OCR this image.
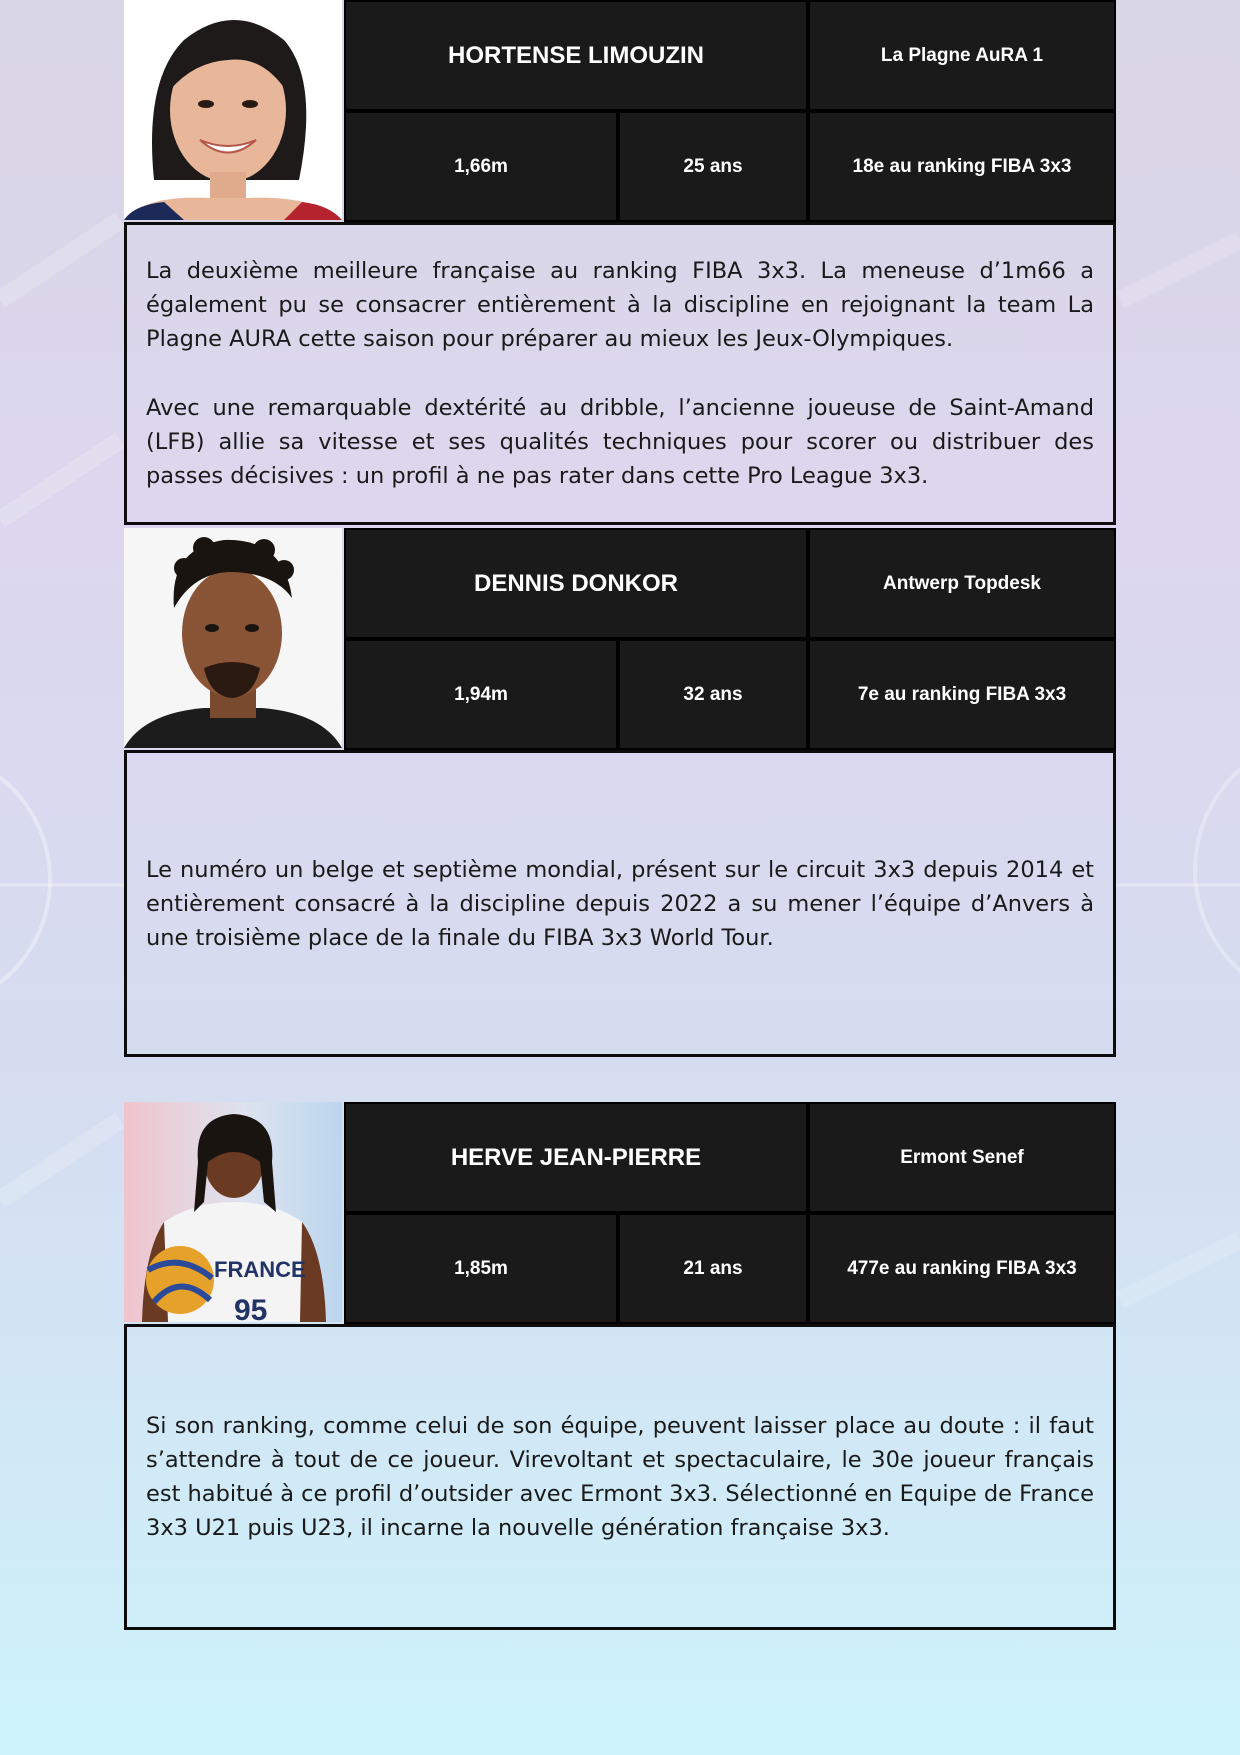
HORTENSE LIMOUZIN	La Plagne AuRA 1
1,66m	25 ans	18e au ranking FIBA 3x3

La deuxième meilleure française au ranking FIBA 3x3. La meneuse d’1m66 a également pu se consacrer entièrement à la discipline en rejoignant la team La Plagne AURA cette saison pour préparer au mieux les Jeux-Olympiques.

Avec une remarquable dextérité au dribble, l’ancienne joueuse de Saint-Amand (LFB) allie sa vitesse et ses qualités techniques pour scorer ou distribuer des passes décisives : un profil à ne pas rater dans cette Pro League 3x3.

DENNIS DONKOR	Antwerp Topdesk
1,94m	32 ans	7e au ranking FIBA 3x3

Le numéro un belge et septième mondial, présent sur le circuit 3x3 depuis 2014 et entièrement consacré à la discipline depuis 2022 a su mener l’équipe d’Anvers à une troisième place de la finale du FIBA 3x3 World Tour.

FRANCE
95
HERVE JEAN-PIERRE	Ermont Senef
1,85m	21 ans	477e au ranking FIBA 3x3

Si son ranking, comme celui de son équipe, peuvent laisser place au doute : il faut s’attendre à tout de ce joueur. Virevoltant et spectaculaire, le 30e joueur français est habitué à ce profil d’outsider avec Ermont 3x3. Sélectionné en Equipe de France 3x3 U21 puis U23, il incarne la nouvelle génération française 3x3.
